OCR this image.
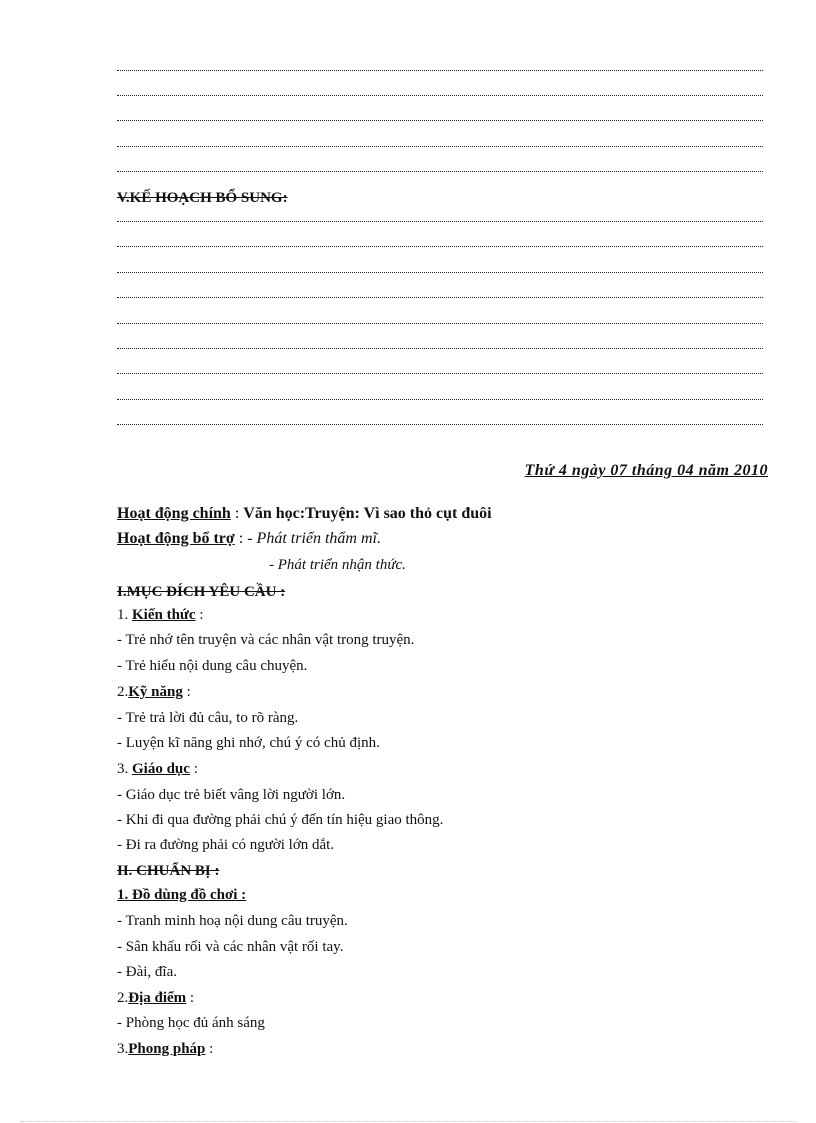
V.KẾ HOẠCH BỔ SUNG:
Thứ 4 ngày 07 tháng 04 năm 2010
Hoạt động chính : Văn học:Truyện: Vì sao thỏ cụt đuôi
Hoạt động bổ trợ : - Phát triển thẩm mĩ.
- Phát triển nhận thức.
I.MỤC ĐÍCH YÊU CẦU :
1. Kiến thức :
- Trẻ nhớ tên truyện và các nhân vật trong truyện.
- Trẻ hiểu nội dung câu chuyện.
2.Kỹ năng :
- Trẻ trả lời đủ câu, to rõ ràng.
- Luyện kĩ năng ghi nhớ, chú ý có chủ định.
3. Giáo dục :
- Giáo dục trẻ biết vâng lời người lớn.
- Khi đi qua đường phải chú ý đến tín hiệu giao thông.
- Đi ra đường phải có người lớn dắt.
II. CHUẨN BỊ :
1. Đồ dùng đồ chơi :
- Tranh minh hoạ nội dung câu truyện.
- Sân khấu rối và các nhân vật rối tay.
- Đài, đĩa.
2.Địa điểm :
- Phòng học đủ ánh sáng
3.Phong pháp :
